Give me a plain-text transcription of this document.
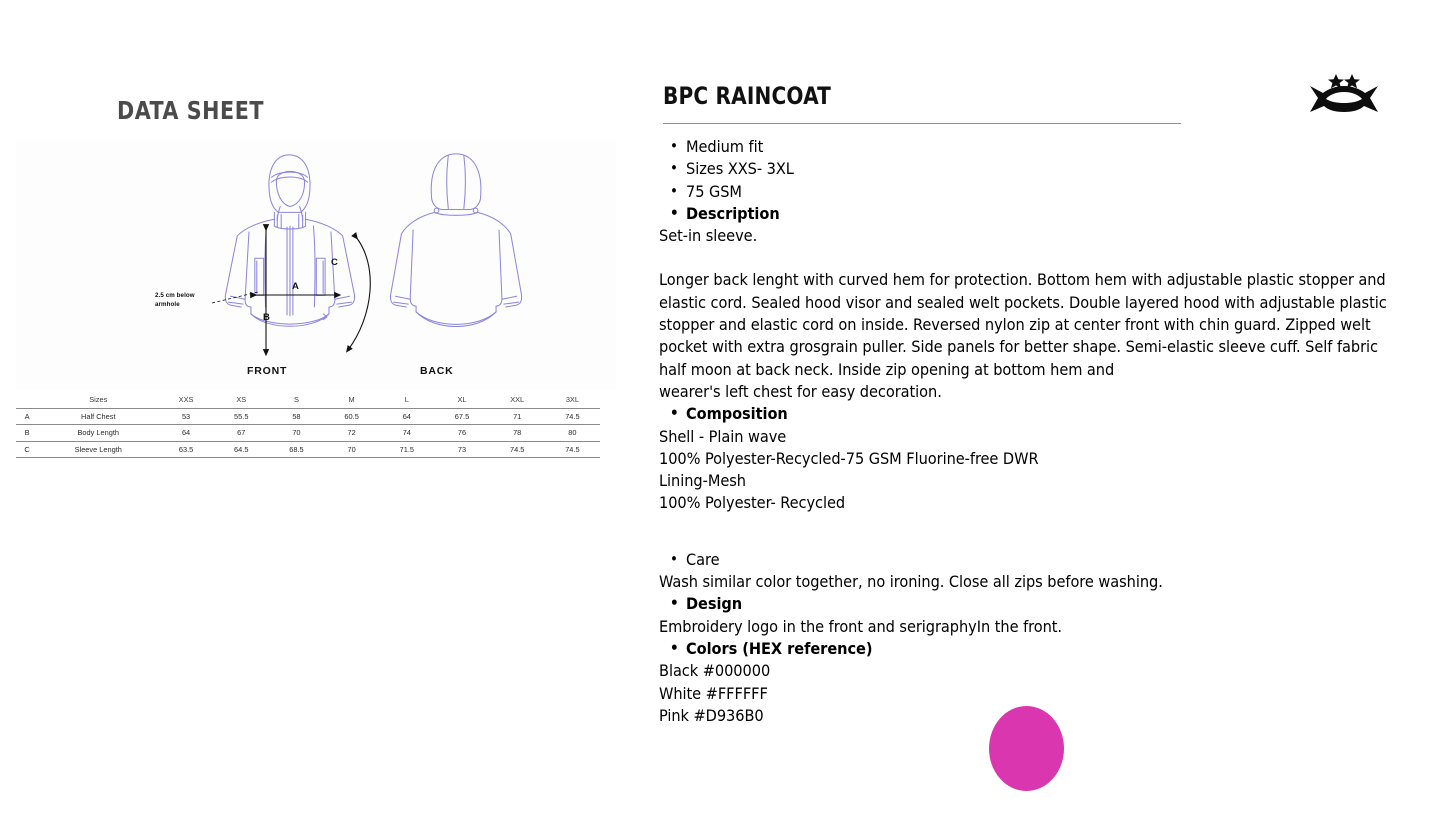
DATA SHEET
A
B
C
2.5 cm below armhole
FRONT	BACK
	Sizes	XXS	XS	S	M	L	XL	XXL	3XL
A	Half Chest	53	55.5	58	60.5	64	67.5	71	74.5
B	Body Length	64	67	70	72	74	76	78	80
C	Sleeve Length	63.5	64.5	68.5	70	71.5	73	74.5	74.5
BPC RAINCOAT
• Medium fit
• Sizes XXS- 3XL
• 75 GSM
• Description
Set-in sleeve.
Longer back lenght with curved hem for protection. Bottom hem with adjustable plastic stopper and elastic cord. Sealed hood visor and sealed welt pockets. Double layered hood with adjustable plastic stopper and elastic cord on inside. Reversed nylon zip at center front with chin guard. Zipped welt pocket with extra grosgrain puller. Side panels for better shape. Semi-elastic sleeve cuff. Self fabric half moon at back neck. Inside zip opening at bottom hem and
wearer's left chest for easy decoration.
• Composition
Shell - Plain wave
100% Polyester-Recycled-75 GSM Fluorine-free DWR
Lining-Mesh
100% Polyester- Recycled
• Care
Wash similar color together, no ironing. Close all zips before washing.
• Design
Embroidery logo in the front and serigraphyIn the front.
• Colors (HEX reference)
Black #000000
White #FFFFFF
Pink #D936B0
